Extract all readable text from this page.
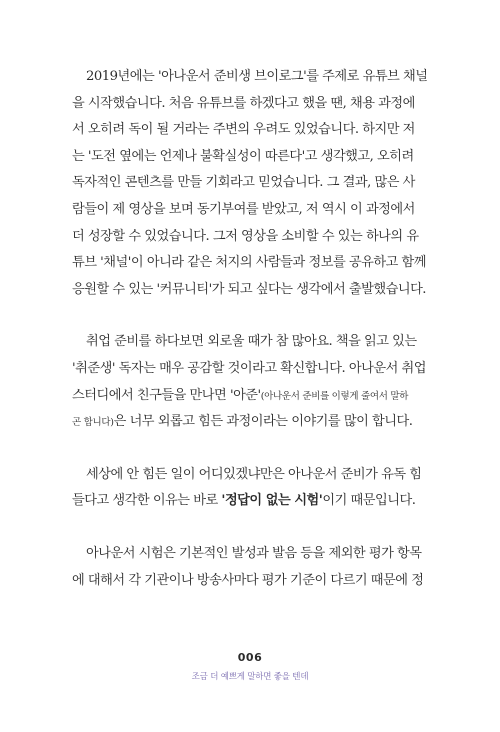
2019년에는 '아나운서 준비생 브이로그'를 주제로 유튜브 채널
을 시작했습니다. 처음 유튜브를 하겠다고 했을 땐, 채용 과정에
서 오히려 독이 될 거라는 주변의 우려도 있었습니다. 하지만 저
는 '도전 옆에는 언제나 불확실성이 따른다'고 생각했고, 오히려
독자적인 콘텐츠를 만들 기회라고 믿었습니다. 그 결과, 많은 사
람들이 제 영상을 보며 동기부여를 받았고, 저 역시 이 과정에서
더 성장할 수 있었습니다. 그저 영상을 소비할 수 있는 하나의 유
튜브 '채널'이 아니라 같은 처지의 사람들과 정보를 공유하고 함께
응원할 수 있는 '커뮤니티'가 되고 싶다는 생각에서 출발했습니다.
취업 준비를 하다보면 외로울 때가 참 많아요. 책을 읽고 있는
'취준생' 독자는 매우 공감할 것이라고 확신합니다. 아나운서 취업
스터디에서 친구들을 만나면 '아준'(아나운서 준비를 이렇게 줄여서 말하
곤 합니다)은 너무 외롭고 힘든 과정이라는 이야기를 많이 합니다.
세상에 안 힘든 일이 어디있겠냐만은 아나운서 준비가 유독 힘
들다고 생각한 이유는 바로 '정답이 없는 시험'이기 때문입니다.
아나운서 시험은 기본적인 발성과 발음 등을 제외한 평가 항목
에 대해서 각 기관이나 방송사마다 평가 기준이 다르기 때문에 정
006
조금 더 예쁘게 말하면 좋을 텐데
